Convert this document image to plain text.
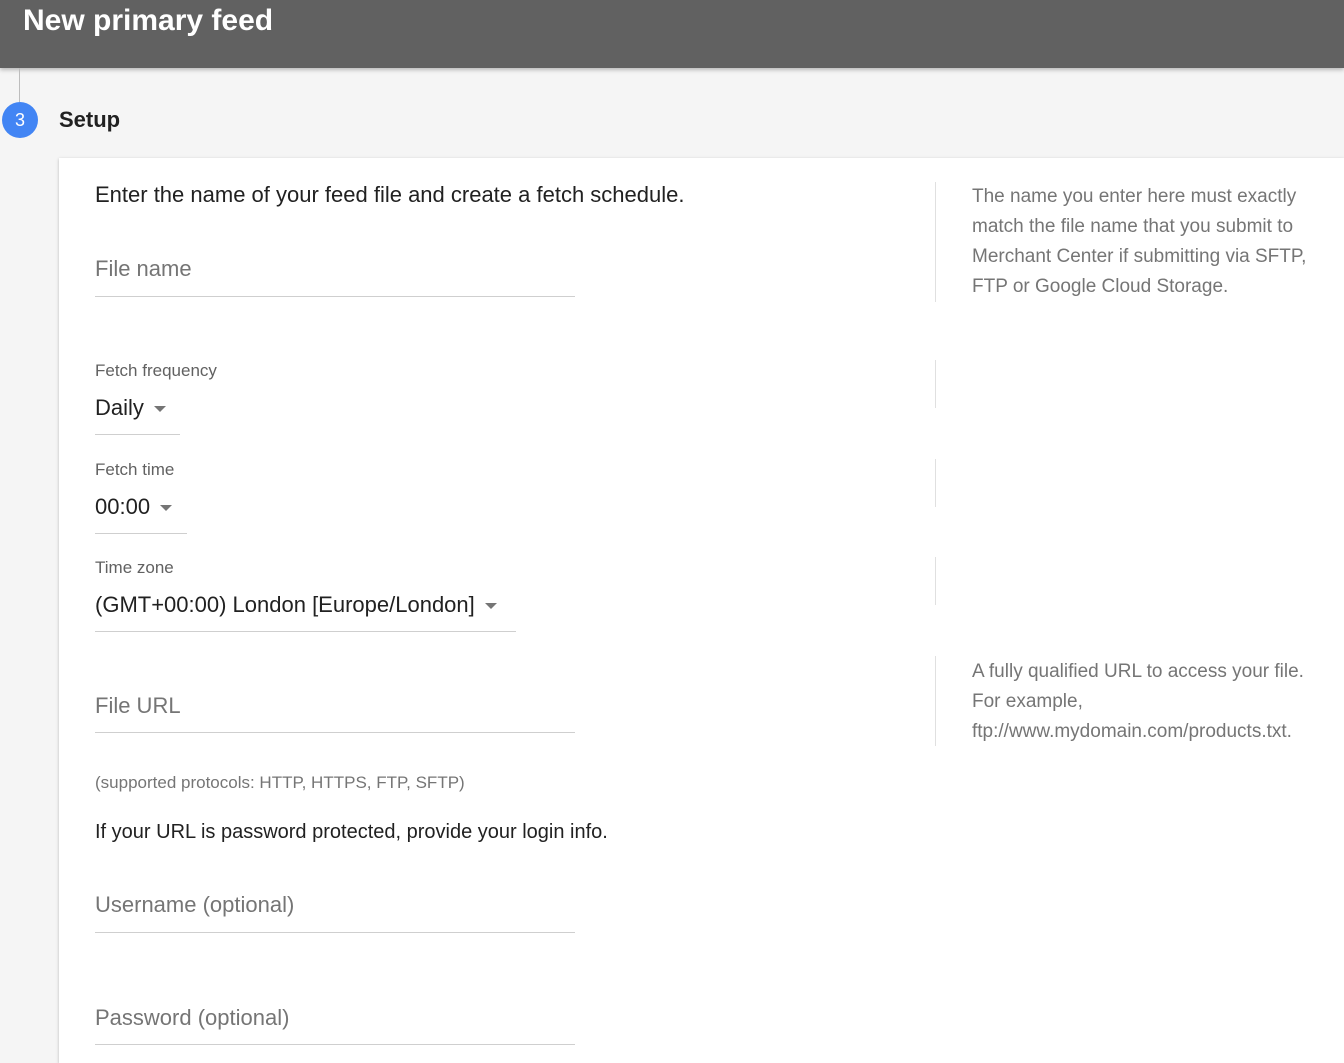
New primary feed
3	Setup
Enter the name of your feed file and create a fetch schedule.
File name
The name you enter here must exactly
match the file name that you submit to
Merchant Center if submitting via SFTP,
FTP or Google Cloud Storage.
Fetch frequency
Daily
Fetch time
00:00
Time zone
(GMT+00:00) London [Europe/London]
File URL
A fully qualified URL to access your file.
For example,
ftp://www.mydomain.com/products.txt.
(supported protocols: HTTP, HTTPS, FTP, SFTP)
If your URL is password protected, provide your login info.
Username (optional)
Password (optional)
